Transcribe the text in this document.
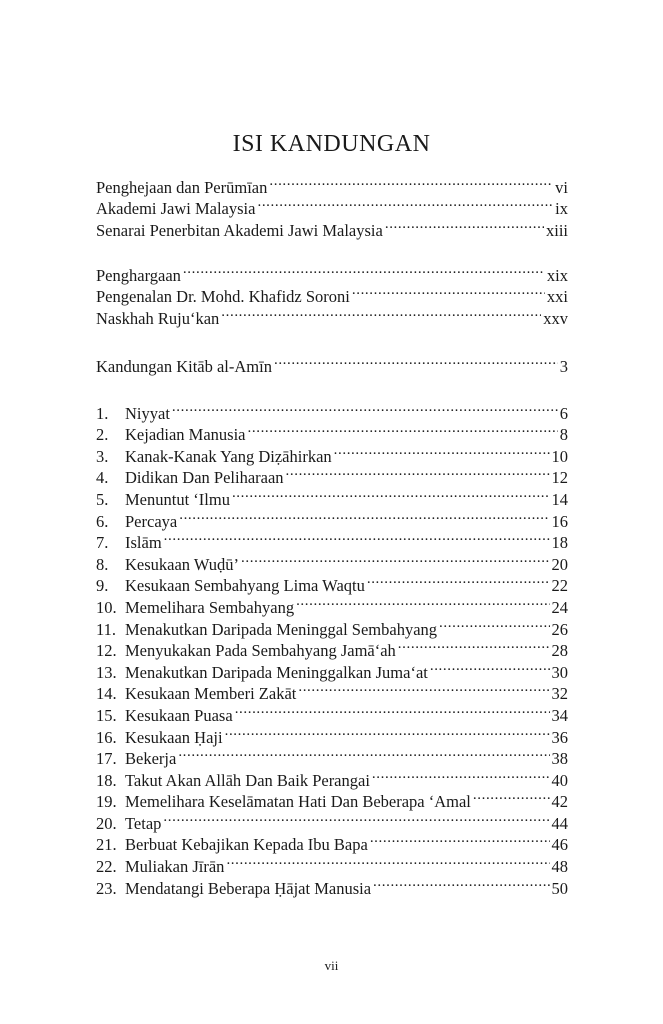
ISI KANDUNGAN
Penghejaan dan Perūmīan .....	vi
Akademi Jawi Malaysia .....	ix
Senarai Penerbitan Akademi Jawi Malaysia .....	xiii
Penghargaan .....	xix
Pengenalan Dr. Mohd. Khafidz Soroni .....	xxi
Naskhah Ruju‘kan .....	xxv
Kandungan Kitāb al-Amīn .....	3
1.	Niyyat .....	6
2.	Kejadian Manusia .....	8
3.	Kanak-Kanak Yang Diẓāhirkan .....	10
4.	Didikan Dan Peliharaan .....	12
5.	Menuntut ‘Ilmu .....	14
6.	Percaya .....	16
7.	Islām .....	18
8.	Kesukaan Wuḍū’ .....	20
9.	Kesukaan Sembahyang Lima Waqtu .....	22
10. Memelihara Sembahyang .....	24
11. Menakutkan Daripada Meninggal Sembahyang .....	26
12. Menyukakan Pada Sembahyang Jamā‘ah .....	28
13. Menakutkan Daripada Meninggalkan Juma‘at .....	30
14. Kesukaan Memberi Zakāt .....	32
15. Kesukaan Puasa .....	34
16. Kesukaan Ḥaji .....	36
17. Bekerja .....	38
18. Takut Akan Allāh Dan Baik Perangai .....	40
19. Memelihara Keselāmatan Hati Dan Beberapa ‘Amal .....	42
20. Tetap .....	44
21. Berbuat Kebajikan Kepada Ibu Bapa .....	46
22. Muliakan Jīrān .....	48
23. Mendatangi Beberapa Ḥājat Manusia .....	50
vii
